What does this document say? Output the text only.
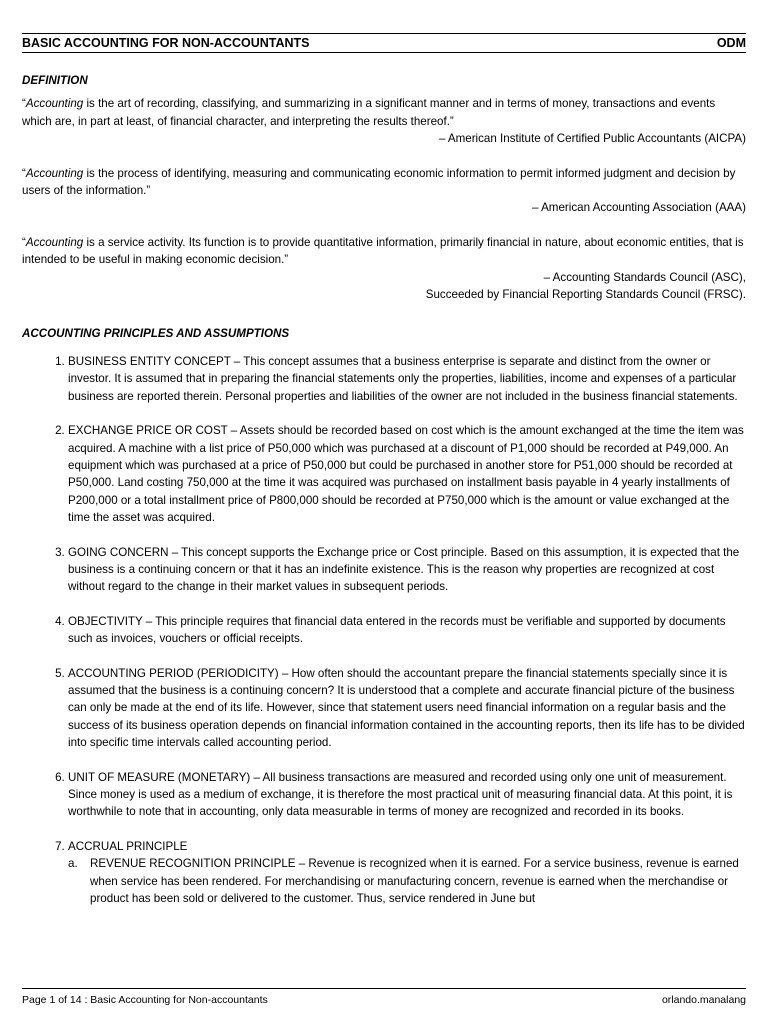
BASIC ACCOUNTING FOR NON-ACCOUNTANTS	ODM

DEFINITION

“Accounting is the art of recording, classifying, and summarizing in a significant manner and in terms of money, transactions and events which are, in part at least, of financial character, and interpreting the results thereof.”

– American Institute of Certified Public Accountants (AICPA)

“Accounting is the process of identifying, measuring and communicating economic information to permit informed judgment and decision by users of the information.”

– American Accounting Association (AAA)

“Accounting is a service activity. Its function is to provide quantitative information, primarily financial in nature, about economic entities, that is intended to be useful in making economic decision.”

– Accounting Standards Council (ASC),

Succeeded by Financial Reporting Standards Council (FRSC).

ACCOUNTING PRINCIPLES AND ASSUMPTIONS

1. BUSINESS ENTITY CONCEPT – This concept assumes that a business enterprise is separate and distinct from the owner or investor. It is assumed that in preparing the financial statements only the properties, liabilities, income and expenses of a particular business are reported therein. Personal properties and liabilities of the owner are not included in the business financial statements.
2. EXCHANGE PRICE OR COST – Assets should be recorded based on cost which is the amount exchanged at the time the item was acquired. A machine with a list price of P50,000 which was purchased at a discount of P1,000 should be recorded at P49,000. An equipment which was purchased at a price of P50,000 but could be purchased in another store for P51,000 should be recorded at P50,000. Land costing 750,000 at the time it was acquired was purchased on installment basis payable in 4 yearly installments of P200,000 or a total installment price of P800,000 should be recorded at P750,000 which is the amount or value exchanged at the time the asset was acquired.
3. GOING CONCERN – This concept supports the Exchange price or Cost principle. Based on this assumption, it is expected that the business is a continuing concern or that it has an indefinite existence. This is the reason why properties are recognized at cost without regard to the change in their market values in subsequent periods.
4. OBJECTIVITY – This principle requires that financial data entered in the records must be verifiable and supported by documents such as invoices, vouchers or official receipts.
5. ACCOUNTING PERIOD (PERIODICITY) – How often should the accountant prepare the financial statements specially since it is assumed that the business is a continuing concern? It is understood that a complete and accurate financial picture of the business can only be made at the end of its life. However, since that statement users need financial information on a regular basis and the success of its business operation depends on financial information contained in the accounting reports, then its life has to be divided into specific time intervals called accounting period.
6. UNIT OF MEASURE (MONETARY) – All business transactions are measured and recorded using only one unit of measurement. Since money is used as a medium of exchange, it is therefore the most practical unit of measuring financial data. At this point, it is worthwhile to note that in accounting, only data measurable in terms of money are recognized and recorded in its books.
7. ACCRUAL PRINCIPLE

a. REVENUE RECOGNITION PRINCIPLE – Revenue is recognized when it is earned. For a service business, revenue is earned when service has been rendered. For merchandising or manufacturing concern, revenue is earned when the merchandise or product has been sold or delivered to the customer. Thus, service rendered in June but

Page 1 of 14 : Basic Accounting for Non-accountants	orlando.manalang
